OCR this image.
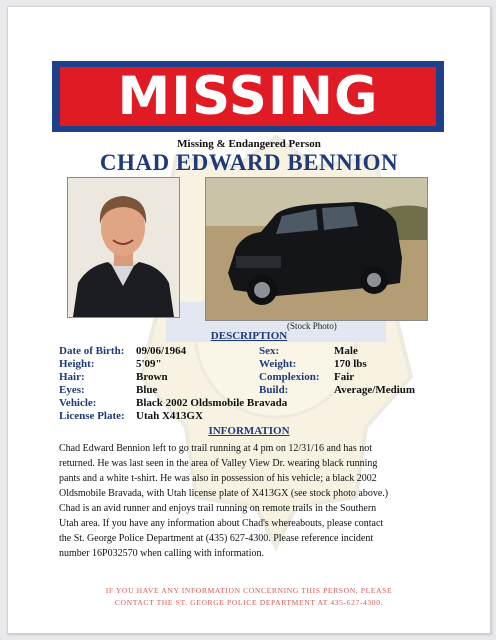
MISSING
Missing & Endangered Person
CHAD EDWARD BENNION
(Stock Photo)
DESCRIPTION
Date of Birth: 09/06/1964
Height:	5'09"
Hair:	Brown
Eyes:	Blue
Vehicle:	Black 2002 Oldsmobile Bravada
License Plate: Utah X413GX
Sex:	Male
Weight:	170 lbs
Complexion: Fair
Build:	Average/Medium
INFORMATION

Chad Edward Bennion left to go trail running at 4 pm on 12/31/16 and has not

returned. He was last seen in the area of Valley View Dr. wearing black running

pants and a white t-shirt. He was also in possession of his vehicle; a black 2002

Oldsmobile Bravada, with Utah license plate of X413GX (see stock photo above.)

Chad is an avid runner and enjoys trail running on remote trails in the Southern

Utah area. If you have any information about Chad's whereabouts, please contact

the St. George Police Department at (435) 627-4300. Please reference incident

number 16P032570 when calling with information.

IF YOU HAVE ANY INFORMATION CONCERNING THIS PERSON, PLEASE
CONTACT THE ST. GEORGE POLICE DEPARTMENT AT 435-627-4300.
